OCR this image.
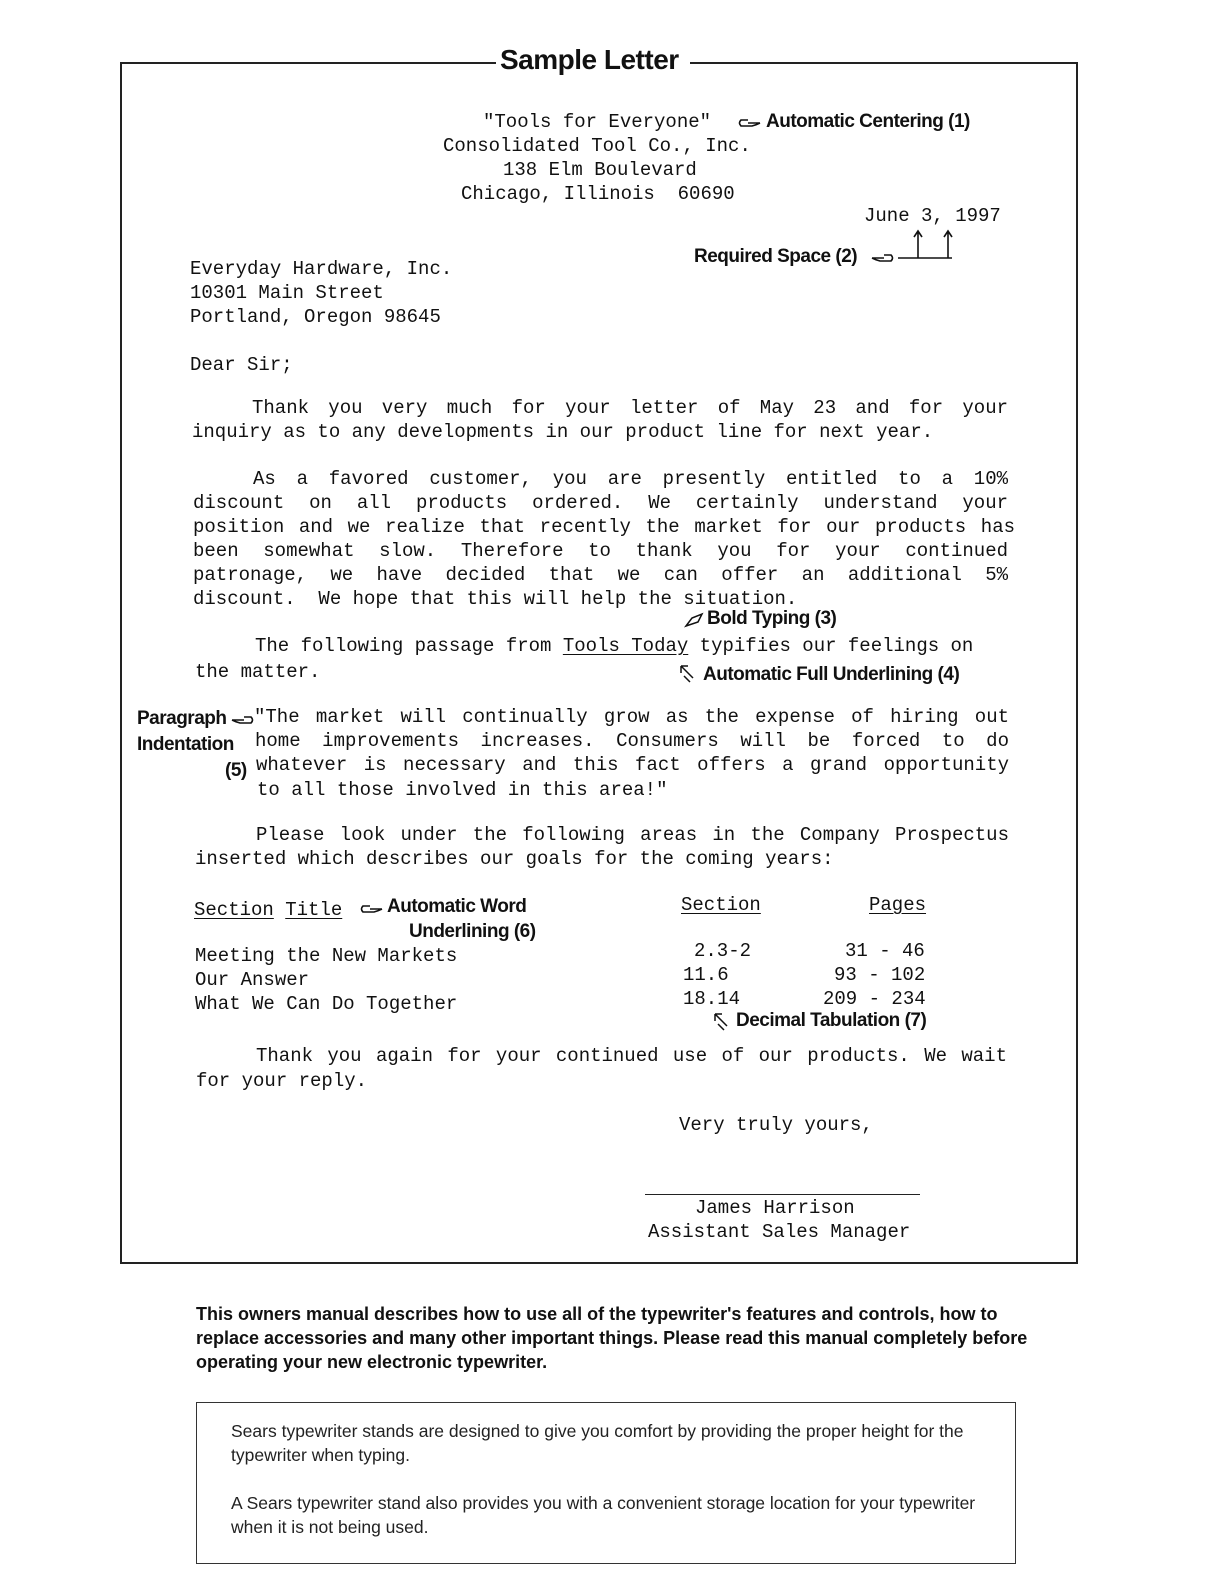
Sample Letter
"Tools for Everyone"
Consolidated Tool Co., Inc.
138 Elm Boulevard
Chicago, Illinois  60690
June 3, 1997
Automatic Centering (1)
Required Space (2)
Everyday Hardware, Inc.
10301 Main Street
Portland, Oregon 98645
Dear Sir;
Thank you very much for your letter of May 23 and for your
inquiry as to any developments in our product line for next year.
As a favored customer, you are presently entitled to a 10%
discount on all products ordered. We certainly understand your
position and we realize that recently the market for our products has
been somewhat slow. Therefore to thank you for your continued
patronage, we have decided that we can offer an additional 5%
discount.  We hope that this will help the situation.
Bold Typing (3)
The following passage from Tools Today typifies our feelings on
the matter.	Automatic Full Underlining (4)
Paragraph
Indentation
(5)
"The market will continually grow as the expense of hiring out
home improvements increases. Consumers will be forced to do
whatever is necessary and this fact offers a grand opportunity
to all those involved in this area!"
Please look under the following areas in the Company Prospectus
inserted which describes our goals for the coming years:
Section Title Automatic Word
Underlining (6)
Section	Pages
Meeting the New Markets	2.3-2	31 - 46
Our Answer	11.6	93 - 102
What We Can Do Together	18.14	209 - 234
Decimal Tabulation (7)
Thank you again for your continued use of our products. We wait
for your reply.
Very truly yours,
James Harrison
Assistant Sales Manager
This owners manual describes how to use all of the typewriter's features and controls, how to replace accessories and many other important things. Please read this manual completely before operating your new electronic typewriter.

Sears typewriter stands are designed to give you comfort by providing the proper height for the typewriter when typing.

A Sears typewriter stand also provides you with a convenient storage location for your typewriter when it is not being used.
